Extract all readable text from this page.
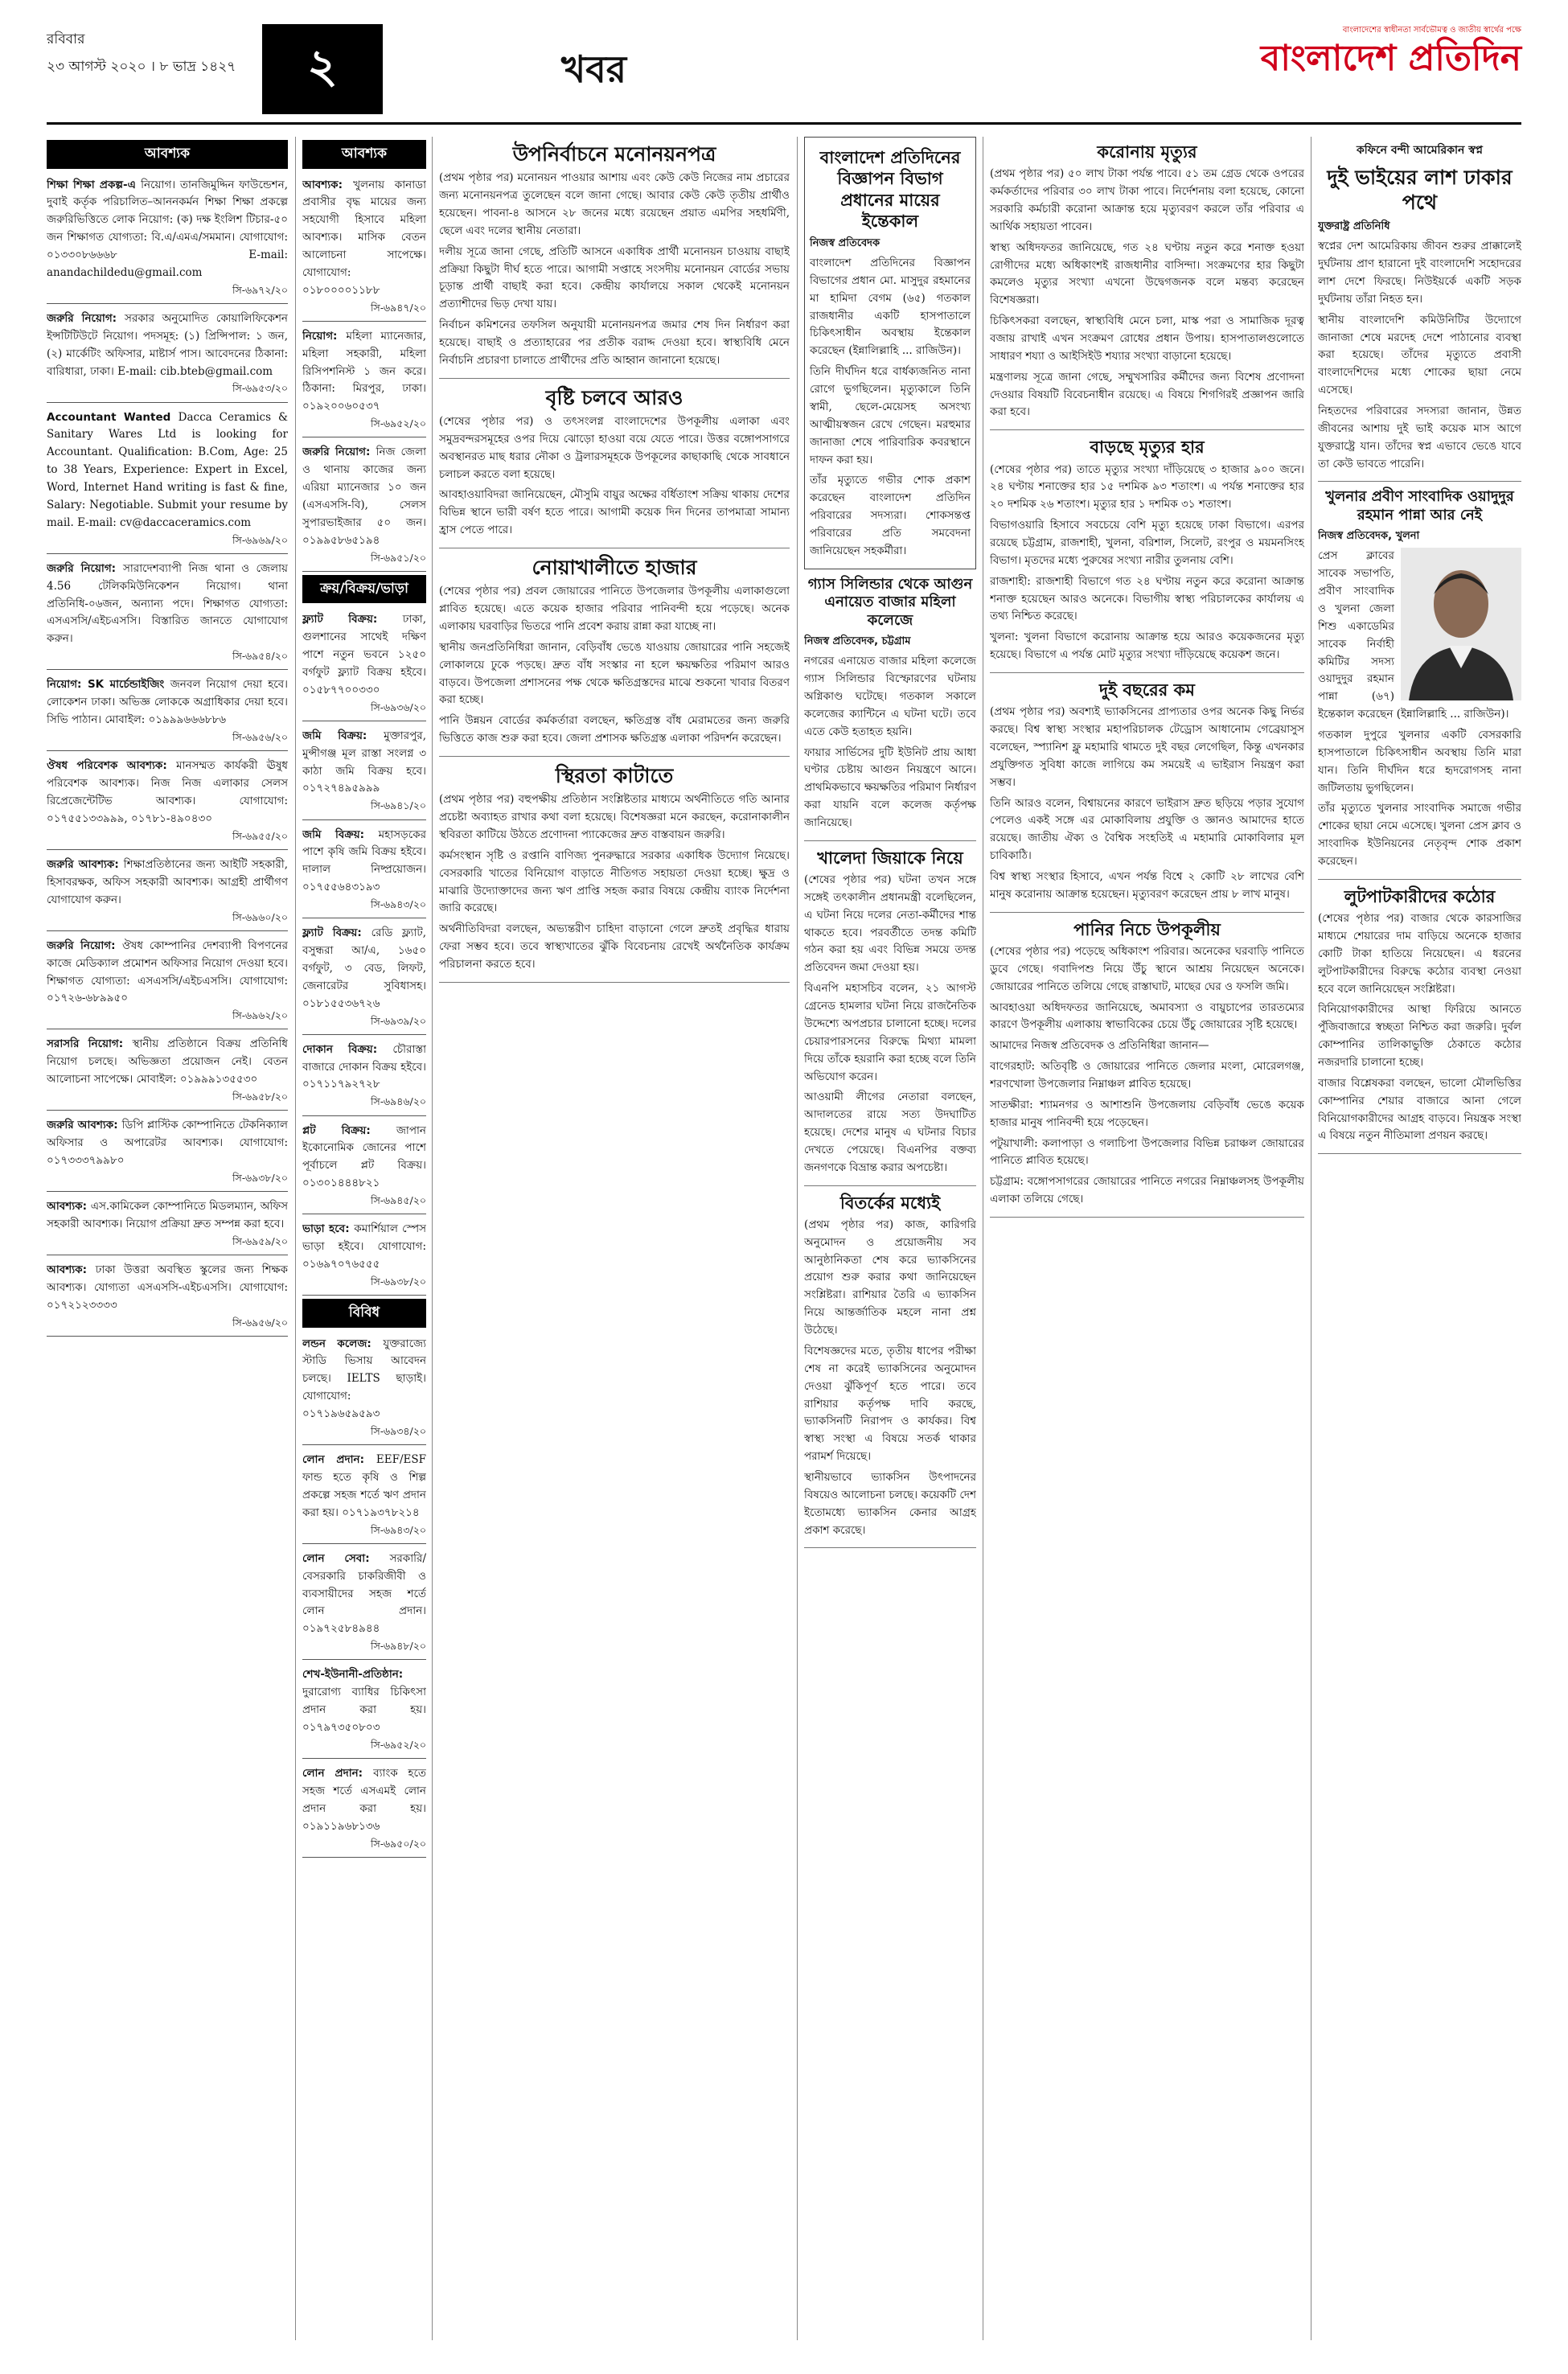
রবিবার
২৩ আগস্ট ২০২০ । ৮ ভাদ্র ১৪২৭	২	খবর
বাংলাদেশের স্বাধীনতা সার্বভৌমত্ব ও জাতীয় স্বার্থের পক্ষে
বাংলাদেশ প্রতিদিন
আবশ্যক
শিক্ষা শিক্ষা প্রকল্প-এ নিয়োগ। তানজিমুদ্দিন ফাউন্ডেশন, দুবাই কর্তৃক পরিচালিত–আননকর্মন শিক্ষা শিক্ষা প্রকল্পে জরুরিভিত্তিতে লোক নিয়োগ: (ক) দক্ষ ইংলিশ টিচার-৫০ জন শিক্ষাগত যোগ্যতা: বি.এ/এমএ/সমমান। যোগাযোগ: ০১৩৩০৮৬৬৬৮ E-mail: anandachildedu@gmail.com
সি-৬৯৭২/২০
জরুরি নিয়োগ: সরকার অনুমোদিত কোয়ালিফিকেশন ইন্সটিটিউটে নিয়োগ। পদসমূহ: (১) প্রিন্সিপাল: ১ জন, (২) মার্কেটিং অফিসার, মাষ্টার্স পাস। আবেদনের ঠিকানা: বারিধারা, ঢাকা। E-mail: cib.bteb@gmail.com
সি-৬৯৫৩/২০
Accountant Wanted Dacca Ceramics & Sanitary Wares Ltd is looking for Accountant. Qualification: B.Com, Age: 25 to 38 Years, Experience: Expert in Excel, Word, Internet Hand writing is fast & fine, Salary: Negotiable. Submit your resume by mail. E-mail: cv@daccaceramics.com
সি-৬৯৬৯/২০
জরুরি নিয়োগ: সারাদেশব্যাপী নিজ থানা ও জেলায় 4.56 টেলিকমিউনিকেশন নিয়োগ। থানা প্রতিনিধি-০৬জন, অন্যান্য পদে। শিক্ষাগত যোগ্যতা: এসএসসি/এইচএসসি। বিস্তারিত জানতে যোগাযোগ করুন।
সি-৬৯৫৪/২০
নিয়োগ: SK মার্চেন্ডাইজিং জনবল নিয়োগ দেয়া হবে। লোকেশন ঢাকা। অভিজ্ঞ লোককে অগ্রাধিকার দেয়া হবে। সিভি পাঠান। মোবাইল: ০১৯৯৯৬৬৬৮৮৬
সি-৬৯৫৬/২০
ঔষধ পরিবেশক আবশ্যক: মানসম্মত কার্যকরী ঊষুধ পরিবেশক আবশ্যক। নিজ নিজ এলাকার সেলস রিপ্রেজেন্টেটিভ আবশ্যক। যোগাযোগ: ০১৭৫৫১৩৩৯৯৯, ০১৭৮১-৪৯০৪৩০
সি-৬৯৫৫/২০
জরুরি আবশ্যক: শিক্ষাপ্রতিষ্ঠানের জন্য আইটি সহকারী, হিসাবরক্ষক, অফিস সহকারী আবশ্যক। আগ্রহী প্রার্থীগণ যোগাযোগ করুন।
সি-৬৯৬০/২০
জরুরি নিয়োগ: ঔষধ কোম্পানির দেশব্যাপী বিপণনের কাজে মেডিক্যাল প্রমোশন অফিসার নিয়োগ দেওয়া হবে। শিক্ষাগত যোগ্যতা: এসএসসি/এইচএসসি। যোগাযোগ: ০১৭২৬-৬৮৯৯৫০
সি-৬৯৬২/২০
সরাসরি নিয়োগ: স্থানীয় প্রতিষ্ঠানে বিক্রয় প্রতিনিধি নিয়োগ চলছে। অভিজ্ঞতা প্রয়োজন নেই। বেতন আলোচনা সাপেক্ষে। মোবাইল: ০১৯৯৯১৩৫৫৩০
সি-৬৯৫৮/২০
জরুরি আবশ্যক: ডিপি প্লাস্টিক কোম্পানিতে টেকনিক্যাল অফিসার ও অপারেটর আবশ্যক। যোগাযোগ: ০১৭৩৩৩৭৯৯৮০
সি-৬৯৩৮/২০
আবশ্যক: এস.কামিকেল কোম্পানিতে মিডলম্যান, অফিস সহকারী আবশ্যক। নিয়োগ প্রক্রিয়া দ্রুত সম্পন্ন করা হবে।
সি-৬৯৫৯/২০
আবশ্যক: ঢাকা উত্তরা অবস্থিত স্কুলের জন্য শিক্ষক আবশ্যক। যোগ্যতা এসএসসি-এইচএসসি। যোগাযোগ: ০১৭২১২৩৩৩৩
সি-৬৯৫৬/২০
আবশ্যক
আবশ্যক: খুলনায় কানাডা প্রবাসীর বৃদ্ধ মায়ের জন্য সহযোগী হিসাবে মহিলা আবশ্যক। মাসিক বেতন আলোচনা সাপেক্ষে। যোগাযোগ: ০১৮০০০০১১৮৮
সি-৬৯৪৭/২০
নিয়োগ: মহিলা ম্যানেজার, মহিলা সহকারী, মহিলা রিসিপশনিস্ট ১ জন করে। ঠিকানা: মিরপুর, ঢাকা। ০১৯২০০৬০৫৩৭
সি-৬৯৫২/২০
জরুরি নিয়োগ: নিজ জেলা ও থানায় কাজের জন্য এরিয়া ম্যানেজার ১০ জন (এসএসসি-বি), সেলস সুপারভাইজার ৫০ জন। ০১৯৯৫৮৬৫১৯৪
সি-৬৯৫১/২০
ক্রয়/বিক্রয়/ভাড়া
ফ্ল্যাট বিক্রয়: ঢাকা, গুলশানের সাথেই দক্ষিণ পাশে নতুন ভবনে ১২৫০ বর্গফুট ফ্ল্যাট বিক্রয় হইবে। ০১৫৮৭৭০০৩৩০
সি-৬৯৩৬/২০
জমি বিক্রয়: মুক্তারপুর, মুন্সীগঞ্জ মূল রাস্তা সংলগ্ন ৩ কাঠা জমি বিক্রয় হবে। ০১৭২৭৪৯৫৯৯৯
সি-৬৯৪১/২০
জমি বিক্রয়: মহাসড়কের পাশে কৃষি জমি বিক্রয় হইবে। দালাল নিষ্প্রয়োজন। ০১৭৫৫৬৪৩১৯৩
সি-৬৯৪৩/২০
ফ্ল্যাট বিক্রয়: রেডি ফ্ল্যাট, বসুন্ধরা আ/এ, ১৬৫০ বর্গফুট, ৩ বেড, লিফট, জেনারেটর সুবিধাসহ। ০১৮১৫৫৩৬৭২৬
সি-৬৯৩৯/২০
দোকান বিক্রয়: চৌরাস্তা বাজারে দোকান বিক্রয় হইবে। ০১৭১১৭৯২৭২৮
সি-৬৯৪৬/২০
প্লট বিক্রয়: জাপান ইকোনোমিক জোনের পাশে পূর্বাচলে প্লট বিক্রয়। ০১৩০১৪৪৪৮২১
সি-৬৯৪৫/২০
ভাড়া হবে: কমার্শিয়াল স্পেস ভাড়া হইবে। যোগাযোগ: ০১৬৯৭০৭৬৫৫৫
সি-৬৯৩৮/২০
বিবিধ
লন্ডন কলেজ: যুক্তরাজ্যে স্টাডি ভিসায় আবেদন চলছে। IELTS ছাড়াই। যোগাযোগ: ০১৭১৯৬৫৯৫৯৩
সি-৬৯৩৪/২০
লোন প্রদান: EEF/ESF ফান্ড হতে কৃষি ও শিল্প প্রকল্পে সহজ শর্তে ঋণ প্রদান করা হয়। ০১৭১৯৩৭৮২১৪
সি-৬৯৪৩/২০
লোন সেবা: সরকারি/বেসরকারি চাকরিজীবী ও ব্যবসায়ীদের সহজ শর্তে লোন প্রদান। ০১৯৭২৫৮৪৯৪৪
সি-৬৯৪৮/২০
শেখ-ইউনানী-প্রতিষ্ঠান: দুরারোগ্য ব্যাধির চিকিৎসা প্রদান করা হয়। ০১৭৯৭৩৫০৮০৩
সি-৬৯৫২/২০
লোন প্রদান: ব্যাংক হতে সহজ শর্তে এসএমই লোন প্রদান করা হয়। ০১৯১১৯৬৮১৩৬
সি-৬৯৫০/২০
উপনির্বাচনে মনোনয়নপত্র

(প্রথম পৃষ্ঠার পর) মনোনয়ন পাওয়ার আশায় এবং কেউ কেউ নিজের নাম প্রচারের জন্য মনোনয়নপত্র তুলেছেন বলে জানা গেছে। আবার কেউ কেউ তৃতীয় প্রার্থীও হয়েছেন। পাবনা-৪ আসনে ২৮ জনের মধ্যে রয়েছেন প্রয়াত এমপির সহধর্মিণী, ছেলে এবং দলের স্থানীয় নেতারা।

দলীয় সূত্রে জানা গেছে, প্রতিটি আসনে একাধিক প্রার্থী মনোনয়ন চাওয়ায় বাছাই প্রক্রিয়া কিছুটা দীর্ঘ হতে পারে। আগামী সপ্তাহে সংসদীয় মনোনয়ন বোর্ডের সভায় চূড়ান্ত প্রার্থী বাছাই করা হবে। কেন্দ্রীয় কার্যালয়ে সকাল থেকেই মনোনয়ন প্রত্যাশীদের ভিড় দেখা যায়।

নির্বাচন কমিশনের তফসিল অনুযায়ী মনোনয়নপত্র জমার শেষ দিন নির্ধারণ করা হয়েছে। বাছাই ও প্রত্যাহারের পর প্রতীক বরাদ্দ দেওয়া হবে। স্বাস্থ্যবিধি মেনে নির্বাচনি প্রচারণা চালাতে প্রার্থীদের প্রতি আহ্বান জানানো হয়েছে।

বৃষ্টি চলবে আরও

(শেষের পৃষ্ঠার পর) ও তৎসংলগ্ন বাংলাদেশের উপকূলীয় এলাকা এবং সমুদ্রবন্দরসমূহের ওপর দিয়ে ঝোড়ো হাওয়া বয়ে যেতে পারে। উত্তর বঙ্গোপসাগরে অবস্থানরত মাছ ধরার নৌকা ও ট্রলারসমূহকে উপকূলের কাছাকাছি থেকে সাবধানে চলাচল করতে বলা হয়েছে।

আবহাওয়াবিদরা জানিয়েছেন, মৌসুমি বায়ুর অক্ষের বর্ধিতাংশ সক্রিয় থাকায় দেশের বিভিন্ন স্থানে ভারী বর্ষণ হতে পারে। আগামী কয়েক দিন দিনের তাপমাত্রা সামান্য হ্রাস পেতে পারে।

নোয়াখালীতে হাজার

(শেষের পৃষ্ঠার পর) প্রবল জোয়ারের পানিতে উপজেলার উপকূলীয় এলাকাগুলো প্লাবিত হয়েছে। এতে কয়েক হাজার পরিবার পানিবন্দী হয়ে পড়েছে। অনেক এলাকায় ঘরবাড়ির ভিতরে পানি প্রবেশ করায় রান্না করা যাচ্ছে না।

স্থানীয় জনপ্রতিনিধিরা জানান, বেড়িবাঁধ ভেঙে যাওয়ায় জোয়ারের পানি সহজেই লোকালয়ে ঢুকে পড়ছে। দ্রুত বাঁধ সংস্কার না হলে ক্ষয়ক্ষতির পরিমাণ আরও বাড়বে। উপজেলা প্রশাসনের পক্ষ থেকে ক্ষতিগ্রস্তদের মাঝে শুকনো খাবার বিতরণ করা হচ্ছে।

পানি উন্নয়ন বোর্ডের কর্মকর্তারা বলছেন, ক্ষতিগ্রস্ত বাঁধ মেরামতের জন্য জরুরি ভিত্তিতে কাজ শুরু করা হবে। জেলা প্রশাসক ক্ষতিগ্রস্ত এলাকা পরিদর্শন করেছেন।

স্থিরতা কাটাতে

(প্রথম পৃষ্ঠার পর) বহুপক্ষীয় প্রতিষ্ঠান সংশ্লিষ্টতার মাধ্যমে অর্থনীতিতে গতি আনার প্রচেষ্টা অব্যাহত রাখার কথা বলা হয়েছে। বিশেষজ্ঞরা মনে করছেন, করোনাকালীন স্থবিরতা কাটিয়ে উঠতে প্রণোদনা প্যাকেজের দ্রুত বাস্তবায়ন জরুরি।

কর্মসংস্থান সৃষ্টি ও রপ্তানি বাণিজ্য পুনরুদ্ধারে সরকার একাধিক উদ্যোগ নিয়েছে। বেসরকারি খাতের বিনিয়োগ বাড়াতে নীতিগত সহায়তা দেওয়া হচ্ছে। ক্ষুদ্র ও মাঝারি উদ্যোক্তাদের জন্য ঋণ প্রাপ্তি সহজ করার বিষয়ে কেন্দ্রীয় ব্যাংক নির্দেশনা জারি করেছে।

অর্থনীতিবিদরা বলছেন, অভ্যন্তরীণ চাহিদা বাড়ানো গেলে দ্রুতই প্রবৃদ্ধির ধারায় ফেরা সম্ভব হবে। তবে স্বাস্থ্যখাতের ঝুঁকি বিবেচনায় রেখেই অর্থনৈতিক কার্যক্রম পরিচালনা করতে হবে।

বাংলাদেশ প্রতিদিনের বিজ্ঞাপন বিভাগ প্রধানের মায়ের ইন্তেকাল
নিজস্ব প্রতিবেদক

বাংলাদেশ প্রতিদিনের বিজ্ঞাপন বিভাগের প্রধান মো. মাসুদুর রহমানের মা হামিদা বেগম (৬৫) গতকাল রাজধানীর একটি হাসপাতালে চিকিৎসাধীন অবস্থায় ইন্তেকাল করেছেন (ইন্নালিল্লাহি ... রাজিউন)।

তিনি দীর্ঘদিন ধরে বার্ধক্যজনিত নানা রোগে ভুগছিলেন। মৃত্যুকালে তিনি স্বামী, ছেলে-মেয়েসহ অসংখ্য আত্মীয়স্বজন রেখে গেছেন। মরহুমার জানাজা শেষে পারিবারিক কবরস্থানে দাফন করা হয়।

তাঁর মৃত্যুতে গভীর শোক প্রকাশ করেছেন বাংলাদেশ প্রতিদিন পরিবারের সদস্যরা। শোকসন্তপ্ত পরিবারের প্রতি সমবেদনা জানিয়েছেন সহকর্মীরা।

গ্যাস সিলিন্ডার থেকে আগুন এনায়েত বাজার মহিলা কলেজে
নিজস্ব প্রতিবেদক, চট্টগ্রাম

নগরের এনায়েত বাজার মহিলা কলেজে গ্যাস সিলিন্ডার বিস্ফোরণের ঘটনায় অগ্নিকাণ্ড ঘটেছে। গতকাল সকালে কলেজের ক্যান্টিনে এ ঘটনা ঘটে। তবে এতে কেউ হতাহত হয়নি।

ফায়ার সার্ভিসের দুটি ইউনিট প্রায় আধা ঘণ্টার চেষ্টায় আগুন নিয়ন্ত্রণে আনে। প্রাথমিকভাবে ক্ষয়ক্ষতির পরিমাণ নির্ধারণ করা যায়নি বলে কলেজ কর্তৃপক্ষ জানিয়েছে।

খালেদা জিয়াকে নিয়ে

(শেষের পৃষ্ঠার পর) ঘটনা তখন সঙ্গে সঙ্গেই তৎকালীন প্রধানমন্ত্রী বলেছিলেন, এ ঘটনা নিয়ে দলের নেতা-কর্মীদের শান্ত থাকতে হবে। পরবর্তীতে তদন্ত কমিটি গঠন করা হয় এবং বিভিন্ন সময়ে তদন্ত প্রতিবেদন জমা দেওয়া হয়।

বিএনপি মহাসচিব বলেন, ২১ আগস্ট গ্রেনেড হামলার ঘটনা নিয়ে রাজনৈতিক উদ্দেশ্যে অপপ্রচার চালানো হচ্ছে। দলের চেয়ারপারসনের বিরুদ্ধে মিথ্যা মামলা দিয়ে তাঁকে হয়রানি করা হচ্ছে বলে তিনি অভিযোগ করেন।

আওয়ামী লীগের নেতারা বলছেন, আদালতের রায়ে সত্য উদঘাটিত হয়েছে। দেশের মানুষ এ ঘটনার বিচার দেখতে পেয়েছে। বিএনপির বক্তব্য জনগণকে বিভ্রান্ত করার অপচেষ্টা।

বিতর্কের মধ্যেই

(প্রথম পৃষ্ঠার পর) কাজ, কারিগরি অনুমোদন ও প্রয়োজনীয় সব আনুষ্ঠানিকতা শেষ করে ভ্যাকসিনের প্রয়োগ শুরু করার কথা জানিয়েছেন সংশ্লিষ্টরা। রাশিয়ার তৈরি এ ভ্যাকসিন নিয়ে আন্তর্জাতিক মহলে নানা প্রশ্ন উঠেছে।

বিশেষজ্ঞদের মতে, তৃতীয় ধাপের পরীক্ষা শেষ না করেই ভ্যাকসিনের অনুমোদন দেওয়া ঝুঁকিপূর্ণ হতে পারে। তবে রাশিয়ার কর্তৃপক্ষ দাবি করছে, ভ্যাকসিনটি নিরাপদ ও কার্যকর। বিশ্ব স্বাস্থ্য সংস্থা এ বিষয়ে সতর্ক থাকার পরামর্শ দিয়েছে।

স্থানীয়ভাবে ভ্যাকসিন উৎপাদনের বিষয়েও আলোচনা চলছে। কয়েকটি দেশ ইতোমধ্যে ভ্যাকসিন কেনার আগ্রহ প্রকাশ করেছে।

করোনায় মৃত্যুর

(প্রথম পৃষ্ঠার পর) ৫০ লাখ টাকা পর্যন্ত পাবে। ৫১ তম গ্রেড থেকে ওপরের কর্মকর্তাদের পরিবার ৩০ লাখ টাকা পাবে। নির্দেশনায় বলা হয়েছে, কোনো সরকারি কর্মচারী করোনা আক্রান্ত হয়ে মৃত্যুবরণ করলে তাঁর পরিবার এ আর্থিক সহায়তা পাবেন।

স্বাস্থ্য অধিদফতর জানিয়েছে, গত ২৪ ঘণ্টায় নতুন করে শনাক্ত হওয়া রোগীদের মধ্যে অধিকাংশই রাজধানীর বাসিন্দা। সংক্রমণের হার কিছুটা কমলেও মৃত্যুর সংখ্যা এখনো উদ্বেগজনক বলে মন্তব্য করেছেন বিশেষজ্ঞরা।

চিকিৎসকরা বলছেন, স্বাস্থ্যবিধি মেনে চলা, মাস্ক পরা ও সামাজিক দূরত্ব বজায় রাখাই এখন সংক্রমণ রোধের প্রধান উপায়। হাসপাতালগুলোতে সাধারণ শয্যা ও আইসিইউ শয্যার সংখ্যা বাড়ানো হয়েছে।

মন্ত্রণালয় সূত্রে জানা গেছে, সম্মুখসারির কর্মীদের জন্য বিশেষ প্রণোদনা দেওয়ার বিষয়টি বিবেচনাধীন রয়েছে। এ বিষয়ে শিগগিরই প্রজ্ঞাপন জারি করা হবে।

বাড়ছে মৃত্যুর হার

(শেষের পৃষ্ঠার পর) তাতে মৃত্যুর সংখ্যা দাঁড়িয়েছে ৩ হাজার ৯০০ জনে। ২৪ ঘণ্টায় শনাক্তের হার ১৫ দশমিক ৯৩ শতাংশ। এ পর্যন্ত শনাক্তের হার ২০ দশমিক ২৬ শতাংশ। মৃত্যুর হার ১ দশমিক ৩১ শতাংশ।

বিভাগওয়ারি হিসাবে সবচেয়ে বেশি মৃত্যু হয়েছে ঢাকা বিভাগে। এরপর রয়েছে চট্টগ্রাম, রাজশাহী, খুলনা, বরিশাল, সিলেট, রংপুর ও ময়মনসিংহ বিভাগ। মৃতদের মধ্যে পুরুষের সংখ্যা নারীর তুলনায় বেশি।

রাজশাহী: রাজশাহী বিভাগে গত ২৪ ঘণ্টায় নতুন করে করোনা আক্রান্ত শনাক্ত হয়েছেন আরও অনেকে। বিভাগীয় স্বাস্থ্য পরিচালকের কার্যালয় এ তথ্য নিশ্চিত করেছে।

খুলনা: খুলনা বিভাগে করোনায় আক্রান্ত হয়ে আরও কয়েকজনের মৃত্যু হয়েছে। বিভাগে এ পর্যন্ত মোট মৃত্যুর সংখ্যা দাঁড়িয়েছে কয়েকশ জনে।

দুই বছরের কম

(প্রথম পৃষ্ঠার পর) অবশ্যই ভ্যাকসিনের প্রাপ্যতার ওপর অনেক কিছু নির্ভর করছে। বিশ্ব স্বাস্থ্য সংস্থার মহাপরিচালক টেড্রোস আধানোম গেব্রেয়াসুস বলেছেন, স্প্যানিশ ফ্লু মহামারি থামতে দুই বছর লেগেছিল, কিন্তু এখনকার প্রযুক্তিগত সুবিধা কাজে লাগিয়ে কম সময়েই এ ভাইরাস নিয়ন্ত্রণ করা সম্ভব।

তিনি আরও বলেন, বিশ্বায়নের কারণে ভাইরাস দ্রুত ছড়িয়ে পড়ার সুযোগ পেলেও একই সঙ্গে এর মোকাবিলায় প্রযুক্তি ও জ্ঞানও আমাদের হাতে রয়েছে। জাতীয় ঐক্য ও বৈশ্বিক সংহতিই এ মহামারি মোকাবিলার মূল চাবিকাঠি।

বিশ্ব স্বাস্থ্য সংস্থার হিসাবে, এখন পর্যন্ত বিশ্বে ২ কোটি ২৮ লাখের বেশি মানুষ করোনায় আক্রান্ত হয়েছেন। মৃত্যুবরণ করেছেন প্রায় ৮ লাখ মানুষ।

পানির নিচে উপকূলীয়

(শেষের পৃষ্ঠার পর) পড়েছে অধিকাংশ পরিবার। অনেকের ঘরবাড়ি পানিতে ডুবে গেছে। গবাদিপশু নিয়ে উঁচু স্থানে আশ্রয় নিয়েছেন অনেকে। জোয়ারের পানিতে তলিয়ে গেছে রাস্তাঘাট, মাছের ঘের ও ফসলি জমি।

আবহাওয়া অধিদফতর জানিয়েছে, অমাবস্যা ও বায়ুচাপের তারতম্যের কারণে উপকূলীয় এলাকায় স্বাভাবিকের চেয়ে উঁচু জোয়ারের সৃষ্টি হয়েছে।

আমাদের নিজস্ব প্রতিবেদক ও প্রতিনিধিরা জানান—

বাগেরহাট: অতিবৃষ্টি ও জোয়ারের পানিতে জেলার মংলা, মোরেলগঞ্জ, শরণখোলা উপজেলার নিম্নাঞ্চল প্লাবিত হয়েছে।

সাতক্ষীরা: শ্যামনগর ও আশাশুনি উপজেলায় বেড়িবাঁধ ভেঙে কয়েক হাজার মানুষ পানিবন্দী হয়ে পড়েছেন।

পটুয়াখালী: কলাপাড়া ও গলাচিপা উপজেলার বিভিন্ন চরাঞ্চল জোয়ারের পানিতে প্লাবিত হয়েছে।

চট্টগ্রাম: বঙ্গোপসাগরের জোয়ারের পানিতে নগরের নিম্নাঞ্চলসহ উপকূলীয় এলাকা তলিয়ে গেছে।

কফিনে বন্দী আমেরিকান স্বপ্ন
দুই ভাইয়ের লাশ ঢাকার পথে
যুক্তরাষ্ট্র প্রতিনিধি

স্বপ্নের দেশ আমেরিকায় জীবন শুরুর প্রাক্কালেই দুর্ঘটনায় প্রাণ হারানো দুই বাংলাদেশি সহোদরের লাশ দেশে ফিরছে। নিউইয়র্কে একটি সড়ক দুর্ঘটনায় তাঁরা নিহত হন।

স্থানীয় বাংলাদেশি কমিউনিটির উদ্যোগে জানাজা শেষে মরদেহ দেশে পাঠানোর ব্যবস্থা করা হয়েছে। তাঁদের মৃত্যুতে প্রবাসী বাংলাদেশিদের মধ্যে শোকের ছায়া নেমে এসেছে।

নিহতদের পরিবারের সদস্যরা জানান, উন্নত জীবনের আশায় দুই ভাই কয়েক মাস আগে যুক্তরাষ্ট্রে যান। তাঁদের স্বপ্ন এভাবে ভেঙে যাবে তা কেউ ভাবতে পারেনি।

খুলনার প্রবীণ সাংবাদিক ওয়াদুদুর রহমান পান্না আর নেই
নিজস্ব প্রতিবেদক, খুলনা

প্রেস ক্লাবের সাবেক সভাপতি, প্রবীণ সাংবাদিক ও খুলনা জেলা শিশু একাডেমির সাবেক নির্বাহী কমিটির সদস্য ওয়াদুদুর রহমান পান্না (৬৭) ইন্তেকাল করেছেন (ইন্নালিল্লাহি ... রাজিউন)।

গতকাল দুপুরে খুলনার একটি বেসরকারি হাসপাতালে চিকিৎসাধীন অবস্থায় তিনি মারা যান। তিনি দীর্ঘদিন ধরে হৃদরোগসহ নানা জটিলতায় ভুগছিলেন।

তাঁর মৃত্যুতে খুলনার সাংবাদিক সমাজে গভীর শোকের ছায়া নেমে এসেছে। খুলনা প্রেস ক্লাব ও সাংবাদিক ইউনিয়নের নেতৃবৃন্দ শোক প্রকাশ করেছেন।

লুটপাটকারীদের কঠোর

(শেষের পৃষ্ঠার পর) বাজার থেকে কারসাজির মাধ্যমে শেয়ারের দাম বাড়িয়ে অনেকে হাজার কোটি টাকা হাতিয়ে নিয়েছেন। এ ধরনের লুটপাটকারীদের বিরুদ্ধে কঠোর ব্যবস্থা নেওয়া হবে বলে জানিয়েছেন সংশ্লিষ্টরা।

বিনিয়োগকারীদের আস্থা ফিরিয়ে আনতে পুঁজিবাজারে স্বচ্ছতা নিশ্চিত করা জরুরি। দুর্বল কোম্পানির তালিকাভুক্তি ঠেকাতে কঠোর নজরদারি চালানো হচ্ছে।

বাজার বিশ্লেষকরা বলছেন, ভালো মৌলভিত্তির কোম্পানির শেয়ার বাজারে আনা গেলে বিনিয়োগকারীদের আগ্রহ বাড়বে। নিয়ন্ত্রক সংস্থা এ বিষয়ে নতুন নীতিমালা প্রণয়ন করছে।
